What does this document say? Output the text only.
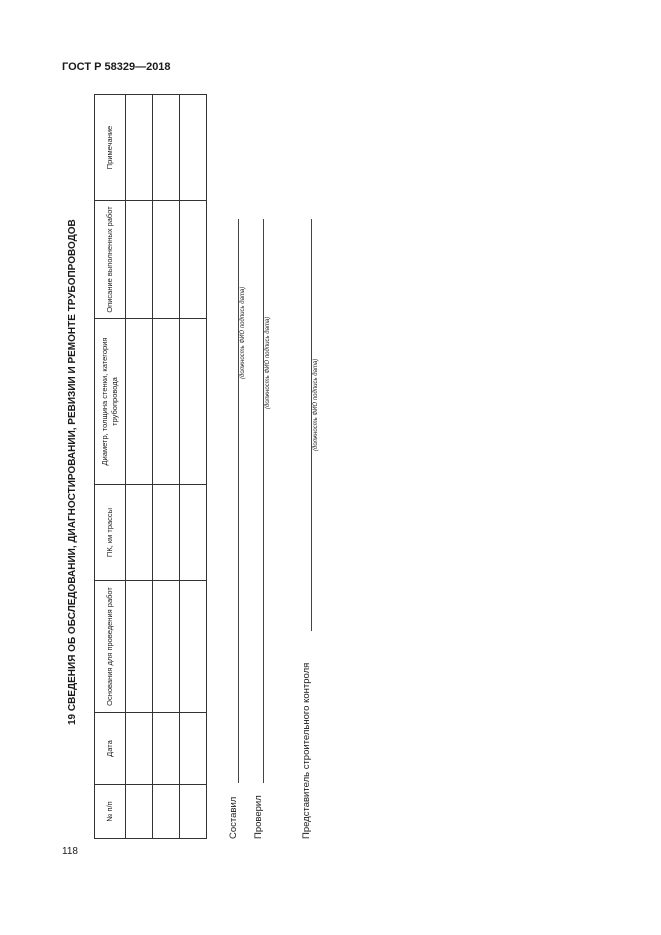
ГОСТ Р 58329—2018
19 СВЕДЕНИЯ ОБ ОБСЛЕДОВАНИИ, ДИАГНОСТИРОВАНИИ, РЕВИЗИИ И РЕМОНТЕ ТРУБОПРОВОДОВ
№ п/п	Дата	Основания для проведения работ	ПК, км трассы	Диаметр, толщина стенки, категория трубопровода	Описание выполненных работ	Примечание

Составил
(должность ФИО подпись дата)
Проверил
(должность ФИО подпись дата)
Представитель строительного контроля
(должность ФИО подпись дата)
118
